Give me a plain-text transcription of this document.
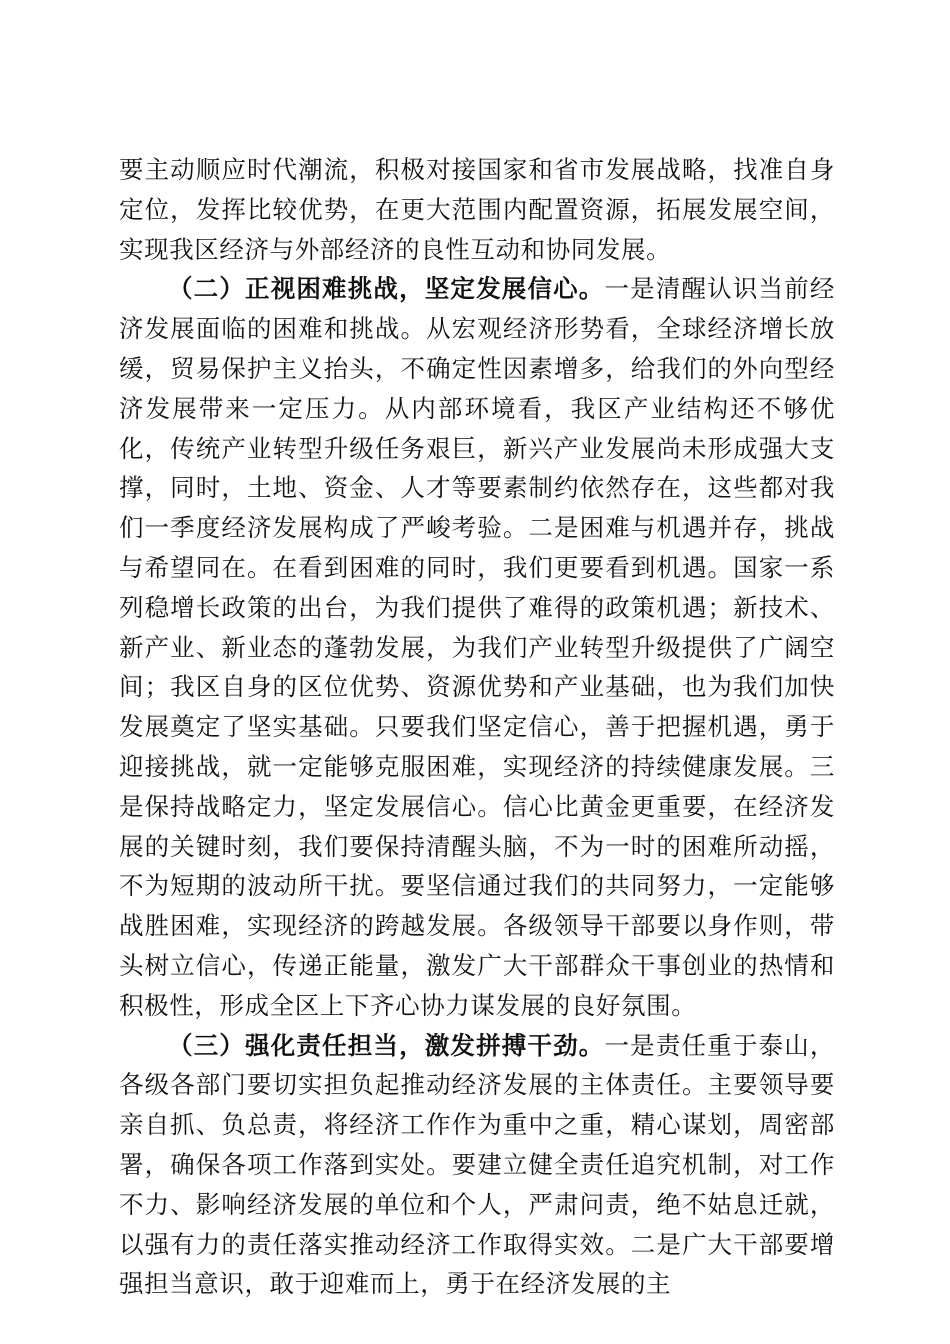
要主动顺应时代潮流，积极对接国家和省市发展战略，找准自身定位，发挥比较优势，在更大范围内配置资源，拓展发展空间，实现我区经济与外部经济的良性互动和协同发展。

（二）正视困难挑战，坚定发展信心。一是清醒认识当前经济发展面临的困难和挑战。从宏观经济形势看，全球经济增长放缓，贸易保护主义抬头，不确定性因素增多，给我们的外向型经济发展带来一定压力。从内部环境看，我区产业结构还不够优化，传统产业转型升级任务艰巨，新兴产业发展尚未形成强大支撑，同时，土地、资金、人才等要素制约依然存在，这些都对我们一季度经济发展构成了严峻考验。二是困难与机遇并存，挑战与希望同在。在看到困难的同时，我们更要看到机遇。国家一系列稳增长政策的出台，为我们提供了难得的政策机遇；新技术、新产业、新业态的蓬勃发展，为我们产业转型升级提供了广阔空间；我区自身的区位优势、资源优势和产业基础，也为我们加快发展奠定了坚实基础。只要我们坚定信心，善于把握机遇，勇于迎接挑战，就一定能够克服困难，实现经济的持续健康发展。三是保持战略定力，坚定发展信心。信心比黄金更重要，在经济发展的关键时刻，我们要保持清醒头脑，不为一时的困难所动摇，不为短期的波动所干扰。要坚信通过我们的共同努力，一定能够战胜困难，实现经济的跨越发展。各级领导干部要以身作则，带头树立信心，传递正能量，激发广大干部群众干事创业的热情和积极性，形成全区上下齐心协力谋发展的良好氛围。

（三）强化责任担当，激发拼搏干劲。一是责任重于泰山，各级各部门要切实担负起推动经济发展的主体责任。主要领导要亲自抓、负总责，将经济工作作为重中之重，精心谋划，周密部署，确保各项工作落到实处。要建立健全责任追究机制，对工作不力、影响经济发展的单位和个人，严肃问责，绝不姑息迁就，以强有力的责任落实推动经济工作取得实效。二是广大干部要增强担当意识，敢于迎难而上，勇于在经济发展的主
